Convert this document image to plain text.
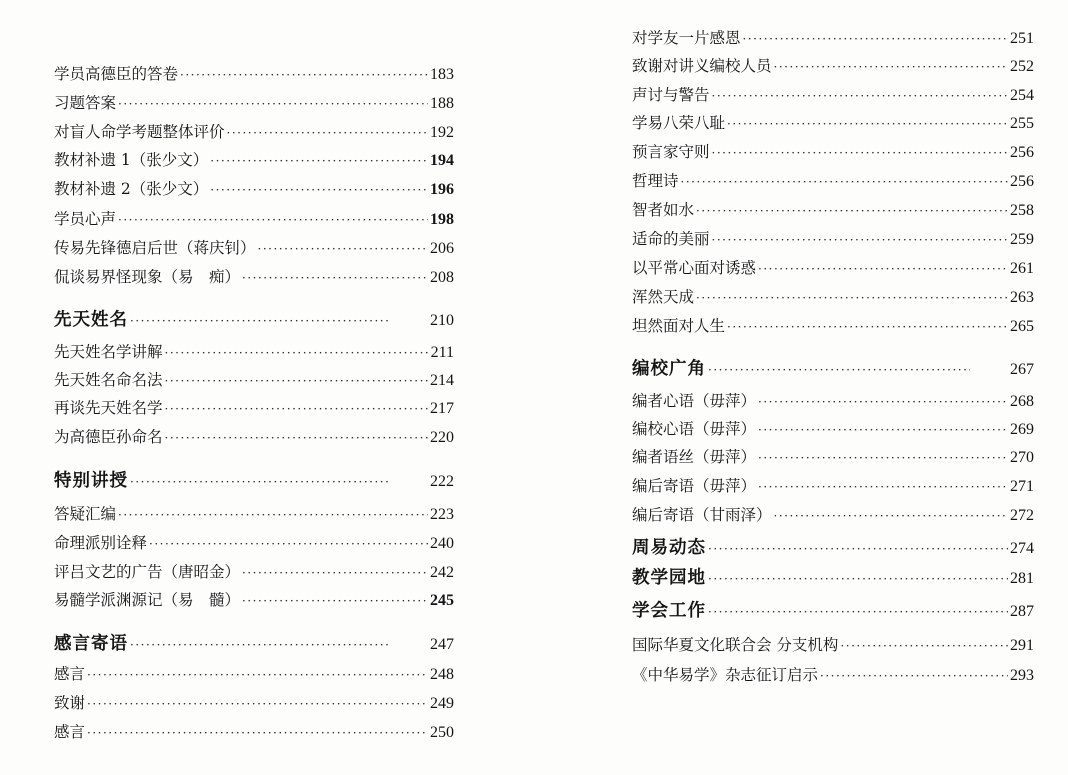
学员高德臣的答卷 ·····	183
习题答案 ·····	188
对盲人命学考题整体评价 ·····	192
教材补遗 1（张少文） ·····	194
教材补遗 2（张少文） ·····	196
学员心声 ·····	198
传易先锋德启后世（蒋庆钊） ·····	206
侃谈易界怪现象（易　痴） ·····	208
先天姓名 ·····	210
先天姓名学讲解 ·····	211
先天姓名命名法 ·····	214
再谈先天姓名学 ·····	217
为高德臣孙命名 ·····	220
特别讲授 ·····	222
答疑汇编 ·····	223
命理派别诠释 ·····	240
评吕文艺的广告（唐昭金） ·····	242
易髓学派渊源记（易　髓） ·····	245
感言寄语 ·····	247
感言 ·····	248
致谢 ·····	249
感言 ·····	250
对学友一片感恩 ·····	251
致谢对讲义编校人员 ·····	252
声讨与警告 ·····	254
学易八荣八耻 ·····	255
预言家守则 ·····	256
哲理诗 ·····	256
智者如水 ·····	258
适命的美丽 ·····	259
以平常心面对诱惑 ·····	261
浑然天成 ·····	263
坦然面对人生 ·····	265
编校广角 ·····	267
编者心语（毋萍） ·····	268
编校心语（毋萍） ·····	269
编者语丝（毋萍） ·····	270
编后寄语（毋萍） ·····	271
编后寄语（甘雨泽） ·····	272
周易动态 ·····	274
教学园地 ·····	281
学会工作 ·····	287
国际华夏文化联合会 分支机构 ·····	291
《中华易学》杂志征订启示 ·····	293
